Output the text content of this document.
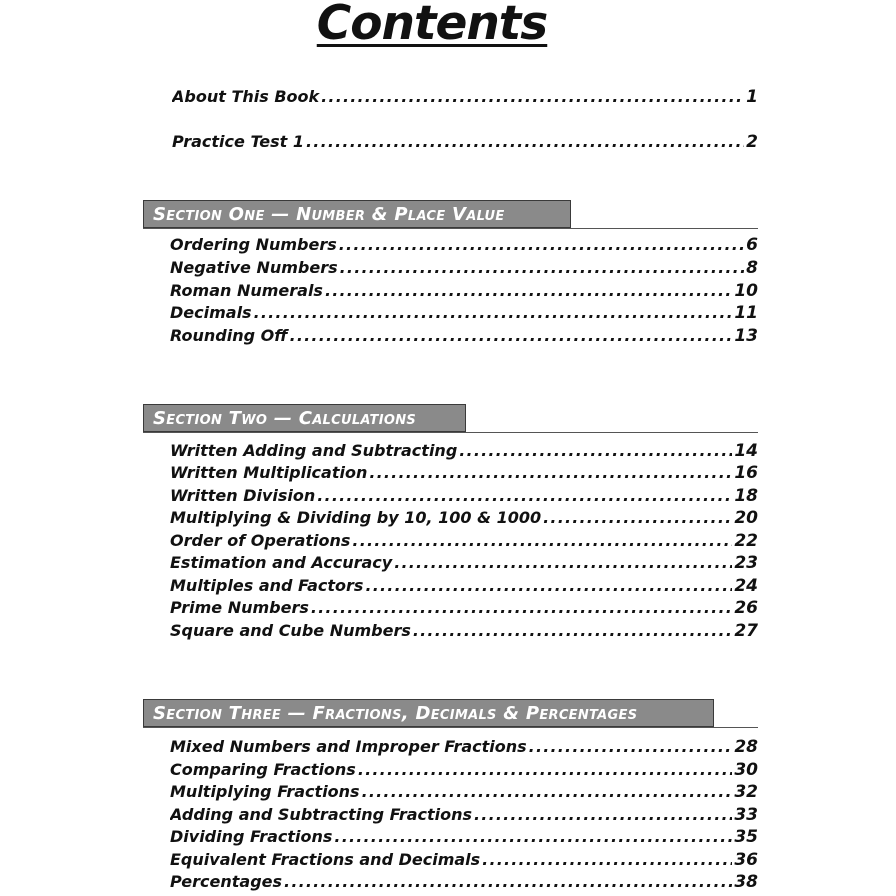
Contents
About This Book .....	1
Practice Test 1 .....	2
Section One — Number & Place Value
Ordering Numbers .....	6
Negative Numbers .....	8
Roman Numerals .....	10
Decimals .....	11
Rounding Off .....	13
Section Two — Calculations
Written Adding and Subtracting .....	14
Written Multiplication .....	16
Written Division .....	18
Multiplying & Dividing by 10, 100 & 1000 .....	20
Order of Operations .....	22
Estimation and Accuracy .....	23
Multiples and Factors .....	24
Prime Numbers .....	26
Square and Cube Numbers .....	27
Section Three — Fractions, Decimals & Percentages
Mixed Numbers and Improper Fractions .....	28
Comparing Fractions .....	30
Multiplying Fractions .....	32
Adding and Subtracting Fractions .....	33
Dividing Fractions .....	35
Equivalent Fractions and Decimals .....	36
Percentages .....	38
